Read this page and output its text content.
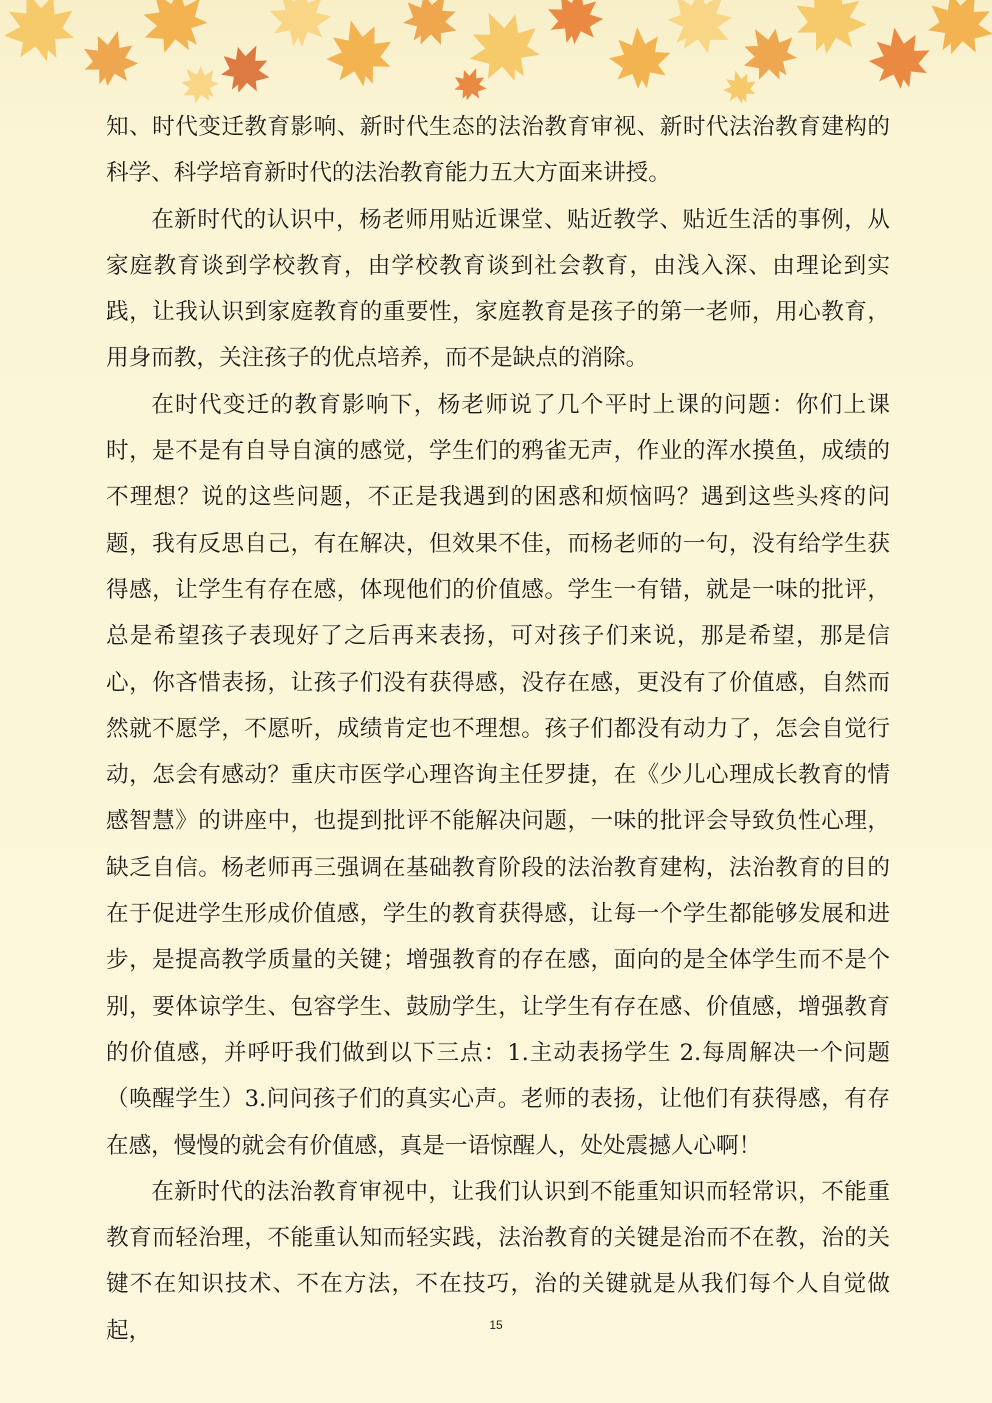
知、时代变迁教育影响、新时代生态的法治教育审视、新时代法治教育建构的科学、科学培育新时代的法治教育能力五大方面来讲授。

在新时代的认识中，杨老师用贴近课堂、贴近教学、贴近生活的事例，从家庭教育谈到学校教育，由学校教育谈到社会教育，由浅入深、由理论到实践，让我认识到家庭教育的重要性，家庭教育是孩子的第一老师，用心教育，用身而教，关注孩子的优点培养，而不是缺点的消除。

在时代变迁的教育影响下，杨老师说了几个平时上课的问题：你们上课时，是不是有自导自演的感觉，学生们的鸦雀无声，作业的浑水摸鱼，成绩的不理想？说的这些问题，不正是我遇到的困惑和烦恼吗？遇到这些头疼的问题，我有反思自己，有在解决，但效果不佳，而杨老师的一句，没有给学生获得感，让学生有存在感，体现他们的价值感。学生一有错，就是一味的批评，总是希望孩子表现好了之后再来表扬，可对孩子们来说，那是希望，那是信心，你吝惜表扬，让孩子们没有获得感，没存在感，更没有了价值感，自然而然就不愿学，不愿听，成绩肯定也不理想。孩子们都没有动力了，怎会自觉行动，怎会有感动？重庆市医学心理咨询主任罗捷，在《少儿心理成长教育的情感智慧》的讲座中，也提到批评不能解决问题，一味的批评会导致负性心理，缺乏自信。杨老师再三强调在基础教育阶段的法治教育建构，法治教育的目的在于促进学生形成价值感，学生的教育获得感，让每一个学生都能够发展和进步，是提高教学质量的关键；增强教育的存在感，面向的是全体学生而不是个别，要体谅学生、包容学生、鼓励学生，让学生有存在感、价值感，增强教育的价值感，并呼吁我们做到以下三点：1.主动表扬学生 2.每周解决一个问题（唤醒学生）3.问问孩子们的真实心声。老师的表扬，让他们有获得感，有存在感，慢慢的就会有价值感，真是一语惊醒人，处处震撼人心啊！

在新时代的法治教育审视中，让我们认识到不能重知识而轻常识，不能重教育而轻治理，不能重认知而轻实践，法治教育的关键是治而不在教，治的关键不在知识技术、不在方法，不在技巧，治的关键就是从我们每个人自觉做起，	15
